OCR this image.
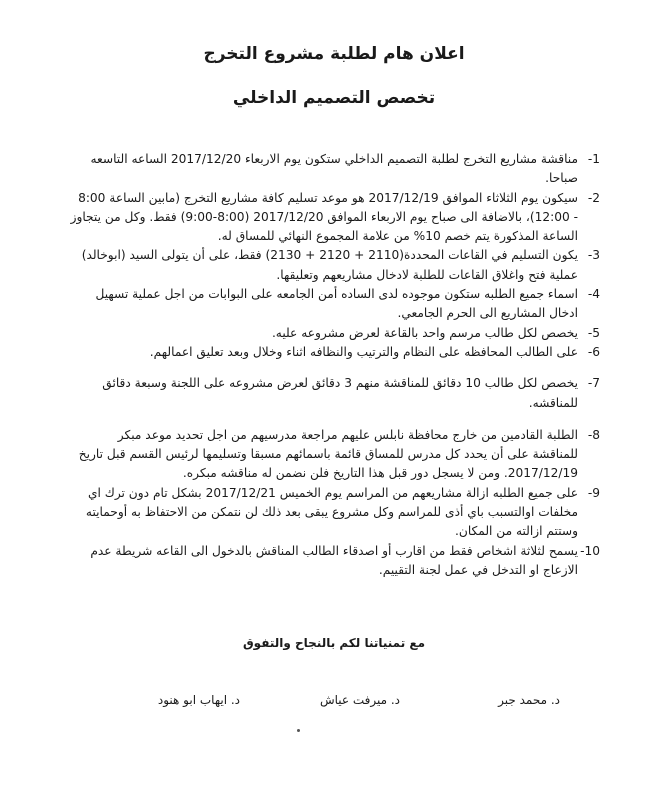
اعلان هام لطلبة مشروع التخرج
تخصص التصميم الداخلي
-1
مناقشة مشاريع التخرج لطلبة التصميم الداخلي ستكون يوم الاربعاء 2017/12/20 الساعه التاسعه صباحا.
-2
سيكون يوم الثلاثاء الموافق 2017/12/19 هو موعد تسليم كافة مشاريع التخرج (مابين الساعة 8:00 - 12:00)، بالاضافة الى صباح يوم الاربعاء الموافق 2017/12/20 (8:00-9:00) فقط. وكل من يتجاوز الساعة المذكورة يتم خصم 10% من علامة المجموع النهائي للمساق له.
-3
يكون التسليم في القاعات المحددة(2110 + 2120 + 2130) فقط، على أن يتولى السيد (ابوخالد) عملية فتح واغلاق القاعات للطلبة لادخال مشاريعهم وتعليقها.
-4
اسماء جميع الطلبه ستكون موجوده لدى الساده أمن الجامعه على البوابات من اجل عملية تسهيل ادخال المشاريع الى الحرم الجامعي.
-5
يخصص لكل طالب مرسم واحد بالقاعة لعرض مشروعه عليه.
-6
على الطالب المحافظه على النظام والترتيب والنظافه اثناء وخلال وبعد تعليق اعمالهم.
-7
يخصص لكل طالب 10 دقائق للمناقشة منهم 3 دقائق لعرض مشروعه على اللجنة وسبعة دقائق للمناقشه.
-8
الطلبة القادمين من خارج محافظة نابلس عليهم مراجعة مدرسيهم من اجل تحديد موعد مبكر للمناقشة على أن يحدد كل مدرس للمساق قائمة باسمائهم مسبقا وتسليمها لرئيس القسم قبل تاريخ 2017/12/19. ومن لا يسجل دور قبل هذا التاريخ فلن نضمن له مناقشه مبكره.
-9
على جميع الطلبه ازالة مشاريعهم من المراسم يوم الخميس 2017/12/21 بشكل تام دون ترك اي مخلفات اوالتسبب باي أذى للمراسم وكل مشروع يبقى بعد ذلك لن نتمكن من الاحتفاظ به أوحمايته وستتم ازالته من المكان.
-10
يسمح لثلاثة اشخاص فقط من اقارب أو اصدقاء الطالب المناقش بالدخول الى القاعه شريطة عدم الازعاج او التدخل في عمل لجنة التقييم.
مع تمنياتنا لكم بالنجاح والتفوق
د. محمد جبر
د. ميرفت عياش
د. ايهاب ابو هنود
